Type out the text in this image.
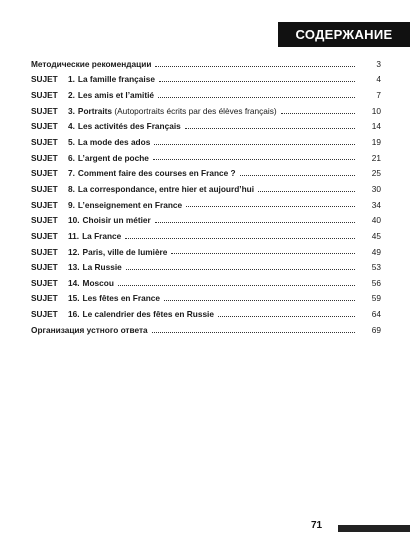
СОДЕРЖАНИЕ
Методические рекомендации	3
SUJET	1. La famille française	4
SUJET	2. Les amis et l’amitié	7
SUJET	3. Portraits (Autoportraits écrits par des élèves français)	10
SUJET	4. Les activités des Français	14
SUJET	5. La mode des ados	19
SUJET	6. L’argent de poche	21
SUJET	7. Comment faire des courses en France ?	25
SUJET	8. La correspondance, entre hier et aujourd’hui	30
SUJET	9. L’enseignement en France	34
SUJET	10. Choisir un métier	40
SUJET	11. La France	45
SUJET	12. Paris, ville de lumière	49
SUJET	13. La Russie	53
SUJET	14. Moscou	56
SUJET	15. Les fêtes en France	59
SUJET	16. Le calendrier des fêtes en Russie	64
Организация устного ответа	69
71
